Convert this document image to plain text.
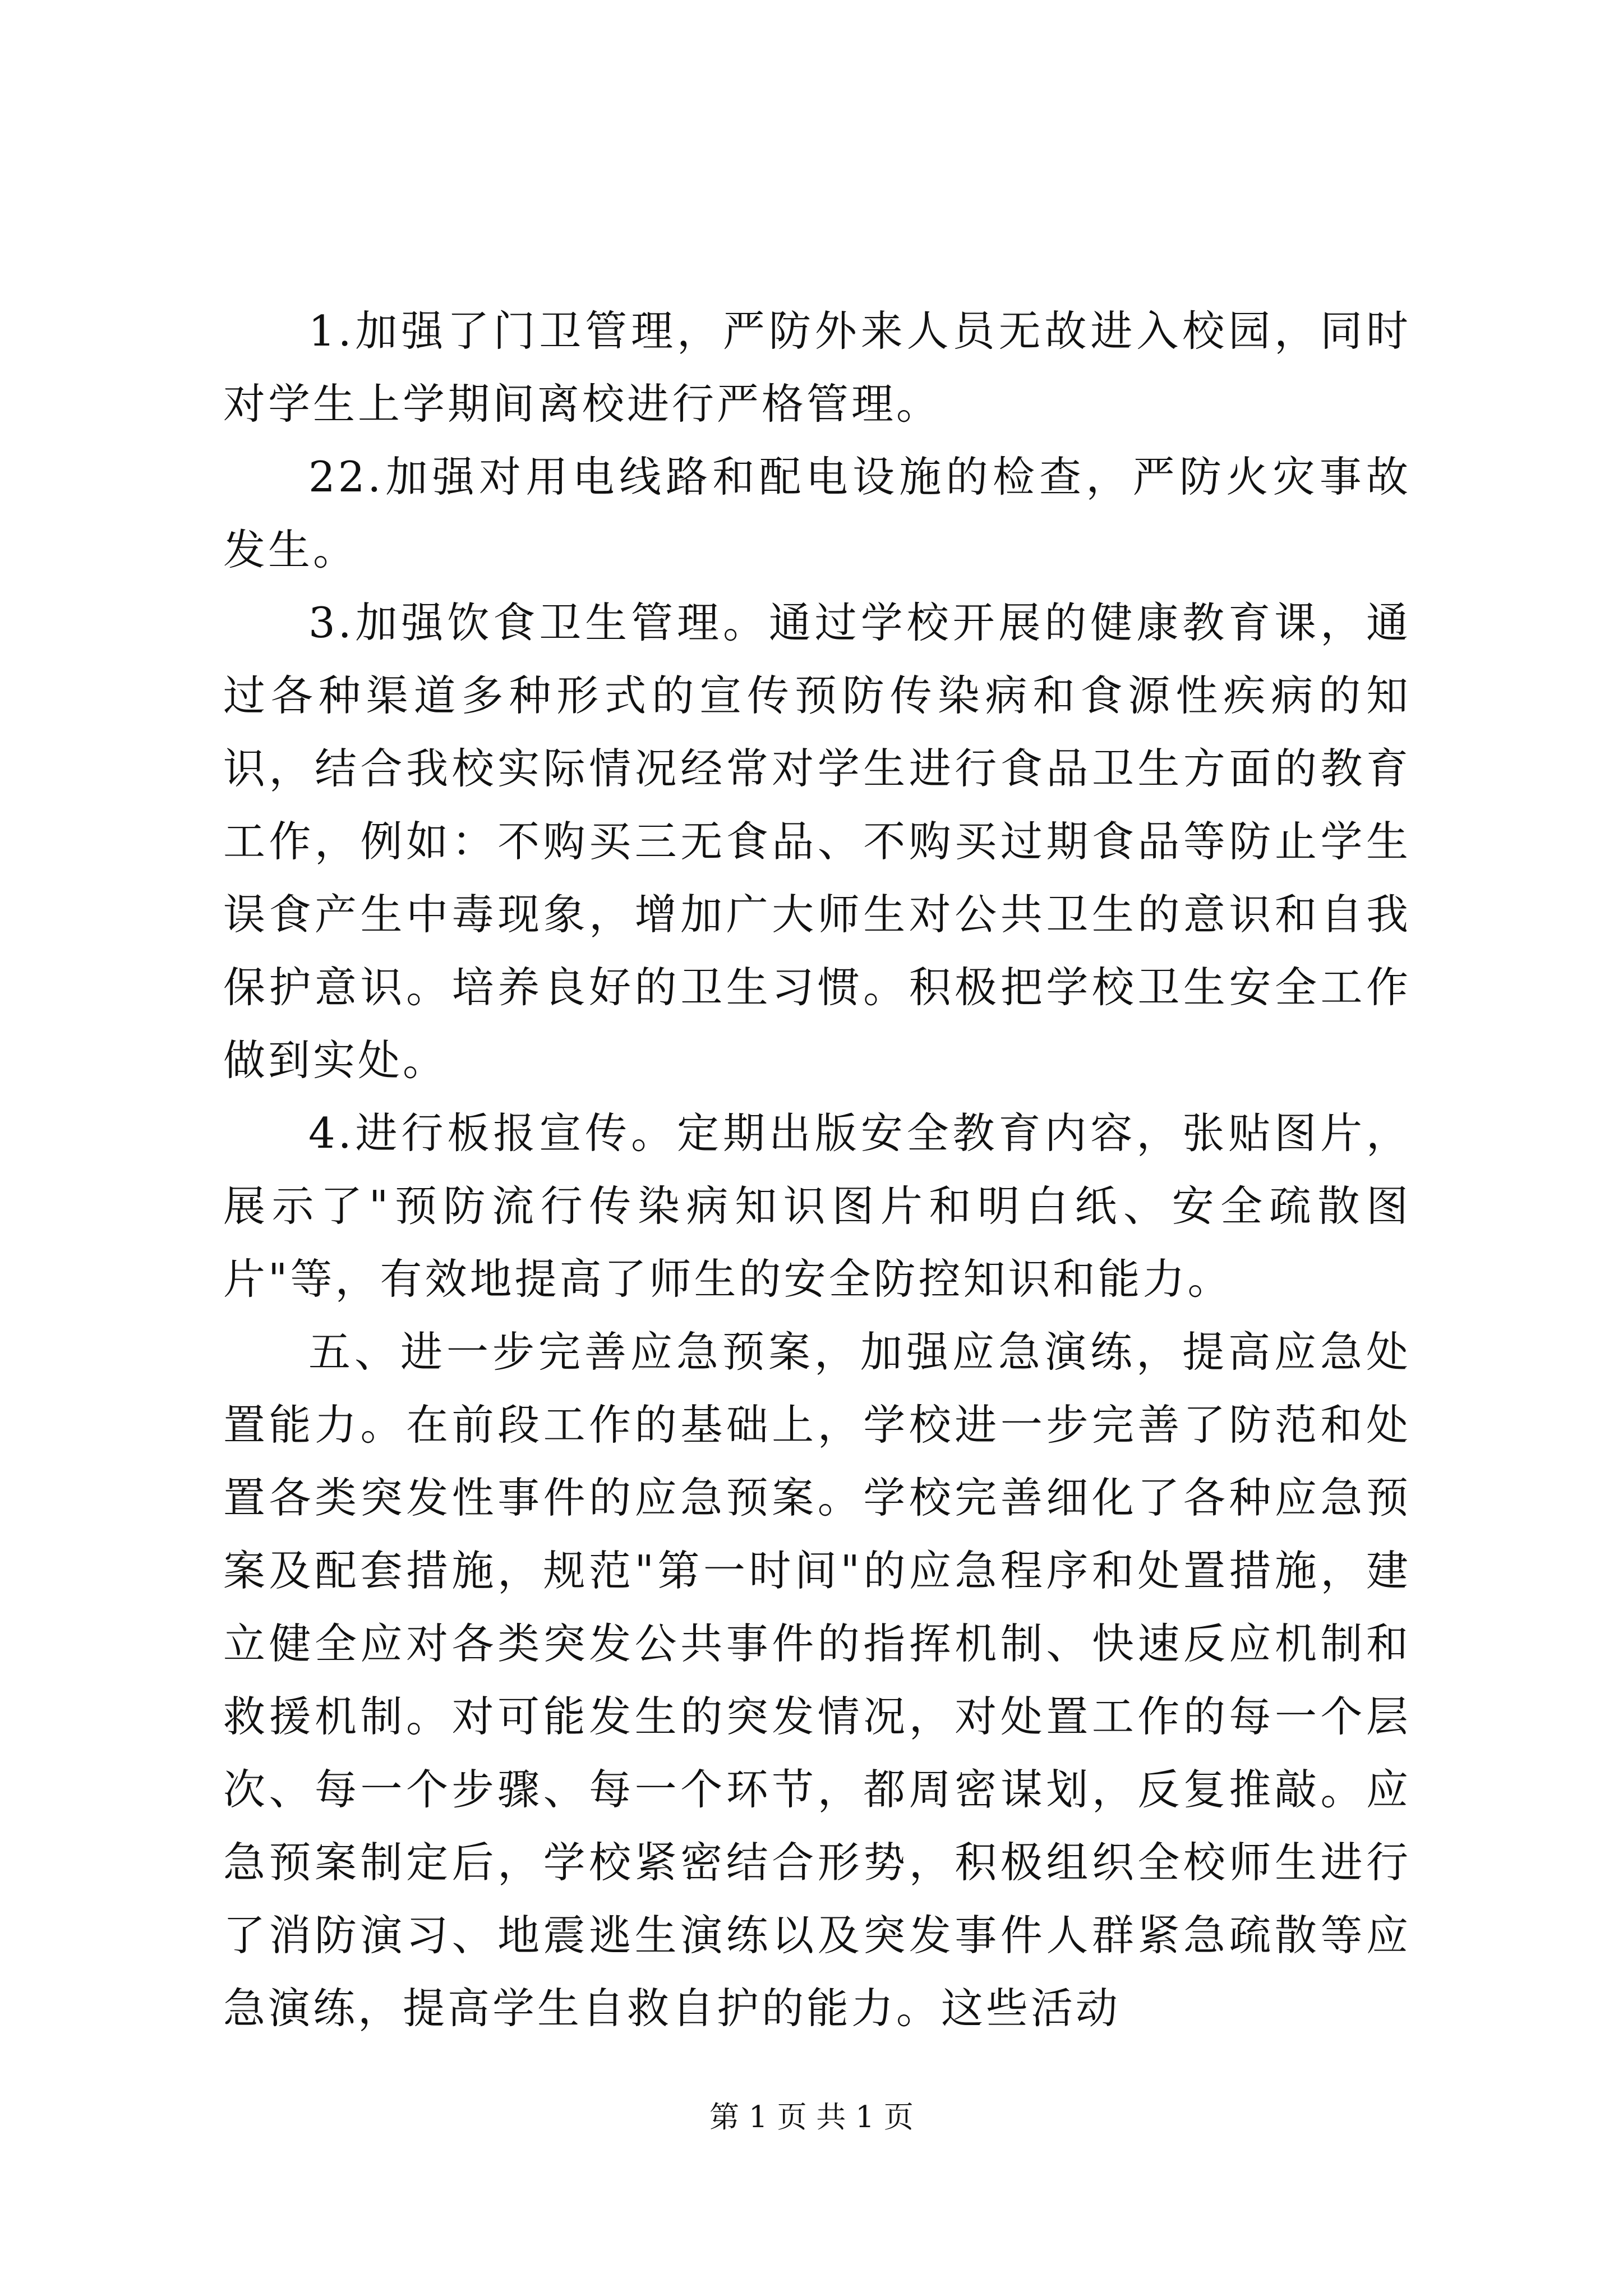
1.加强了门卫管理，严防外来人员无故进入校园，同时对学生上学期间离校进行严格管理。

22.加强对用电线路和配电设施的检查，严防火灾事故发生。

3.加强饮食卫生管理。通过学校开展的健康教育课，通过各种渠道多种形式的宣传预防传染病和食源性疾病的知识，结合我校实际情况经常对学生进行食品卫生方面的教育工作，例如：不购买三无食品、不购买过期食品等防止学生误食产生中毒现象，增加广大师生对公共卫生的意识和自我保护意识。培养良好的卫生习惯。积极把学校卫生安全工作做到实处。

4.进行板报宣传。定期出版安全教育内容，张贴图片，展示了"预防流行传染病知识图片和明白纸、安全疏散图片"等，有效地提高了师生的安全防控知识和能力。

五、进一步完善应急预案，加强应急演练，提高应急处置能力。在前段工作的基础上，学校进一步完善了防范和处置各类突发性事件的应急预案。学校完善细化了各种应急预案及配套措施，规范"第一时间"的应急程序和处置措施，建立健全应对各类突发公共事件的指挥机制、快速反应机制和救援机制。对可能发生的突发情况，对处置工作的每一个层次、每一个步骤、每一个环节，都周密谋划，反复推敲。应急预案制定后，学校紧密结合形势，积极组织全校师生进行了消防演习、地震逃生演练以及突发事件人群紧急疏散等应急演练，提高学生自救自护的能力。这些活动

第 1 页 共 1 页
